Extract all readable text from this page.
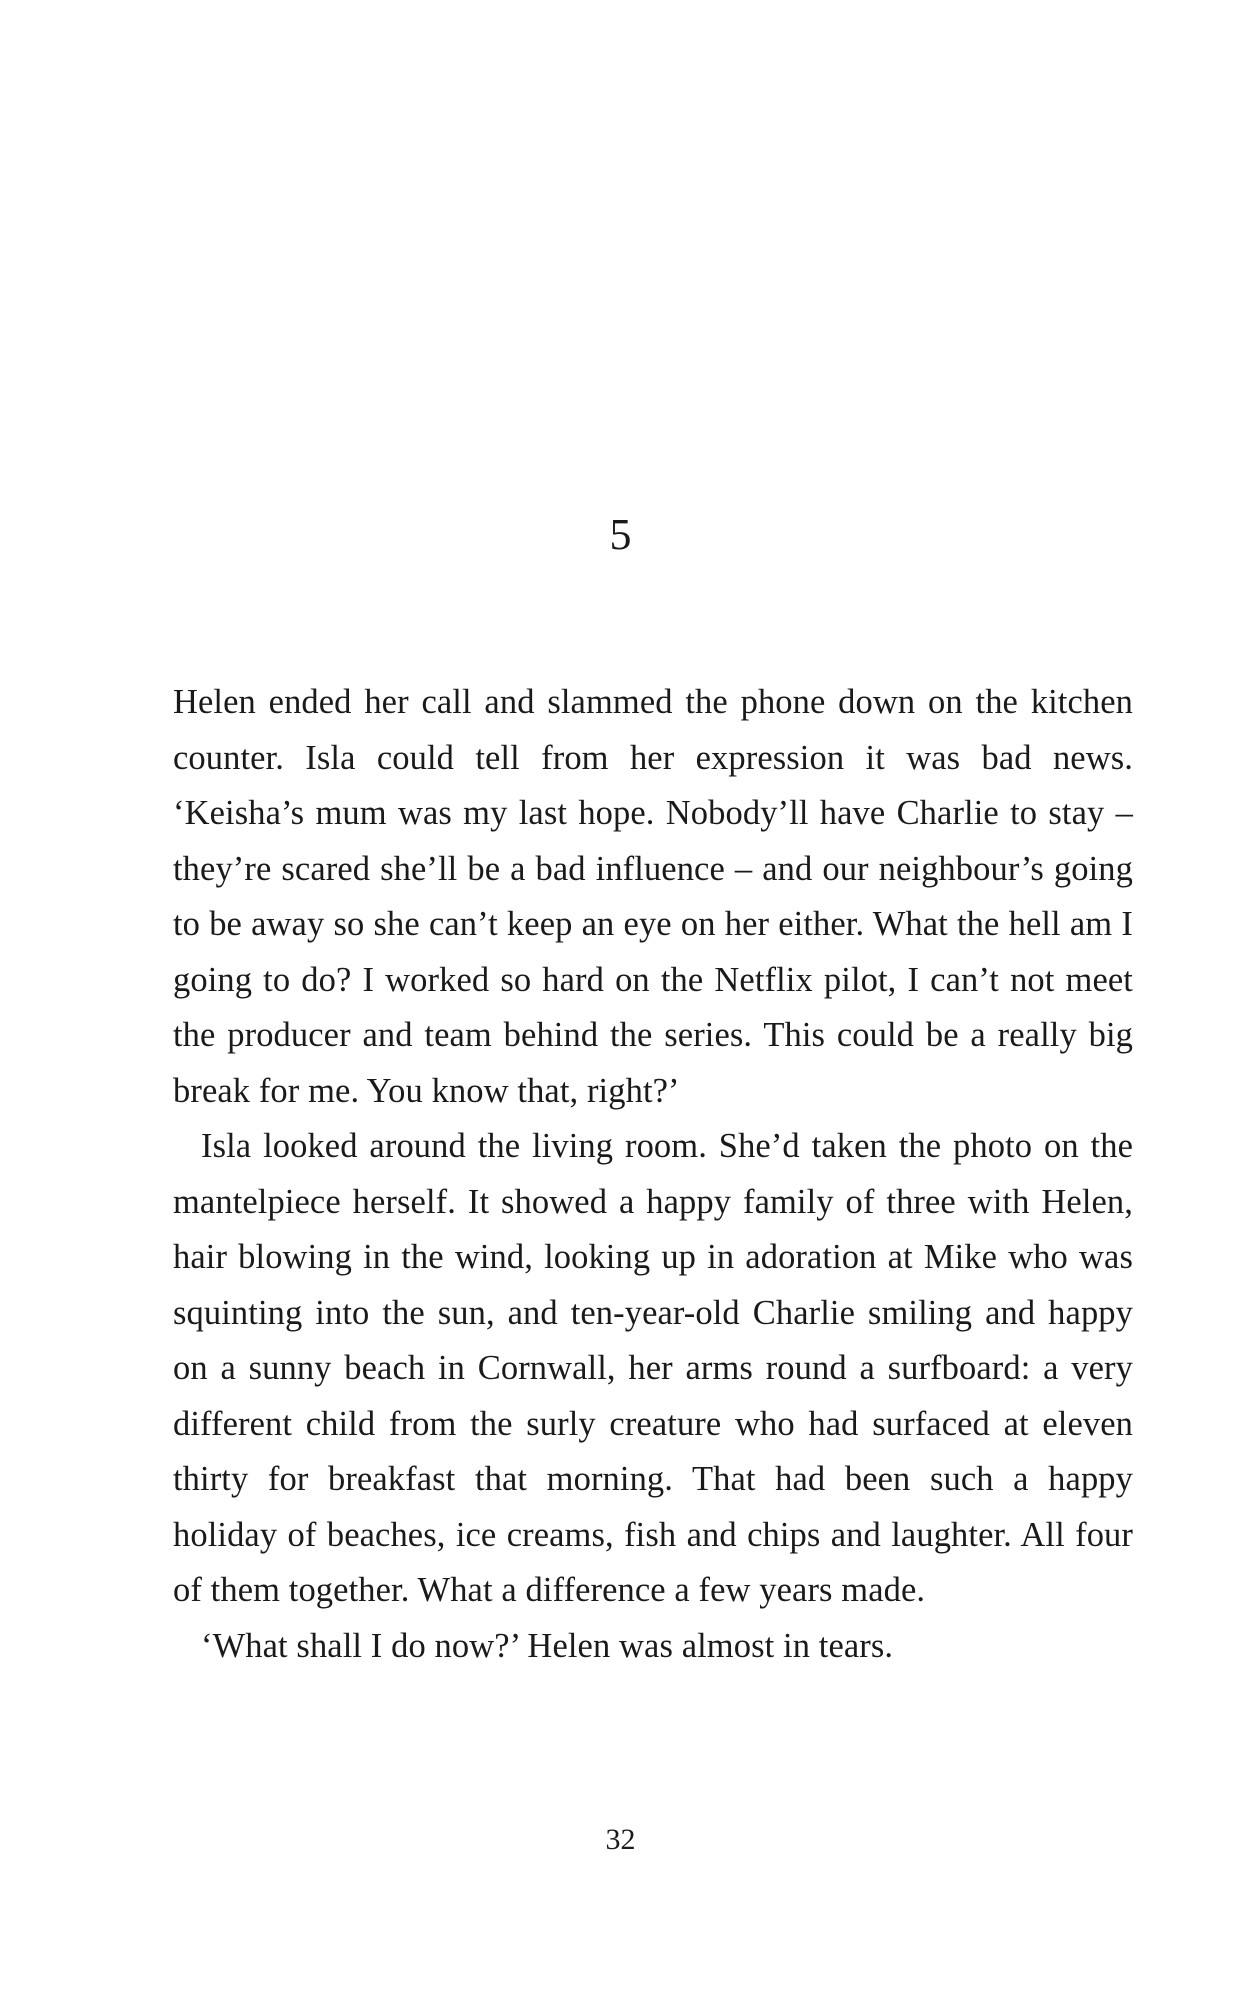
5

Helen ended her call and slammed the phone down on the kitchen counter. Isla could tell from her expression it was bad news. ‘Keisha’s mum was my last hope. Nobody’ll have Charlie to stay – they’re scared she’ll be a bad influence – and our neighbour’s going to be away so she can’t keep an eye on her either. What the hell am I going to do? I worked so hard on the Netflix pilot, I can’t not meet the producer and team behind the series. This could be a really big break for me. You know that, right?’

Isla looked around the living room. She’d taken the photo on the mantelpiece herself. It showed a happy family of three with Helen, hair blowing in the wind, looking up in adoration at Mike who was squinting into the sun, and ten-year-old Charlie smiling and happy on a sunny beach in Cornwall, her arms round a surfboard: a very different child from the surly creature who had surfaced at eleven thirty for breakfast that morning. That had been such a happy holiday of beaches, ice creams, fish and chips and laughter. All four of them together. What a difference a few years made.

‘What shall I do now?’ Helen was almost in tears.

32
